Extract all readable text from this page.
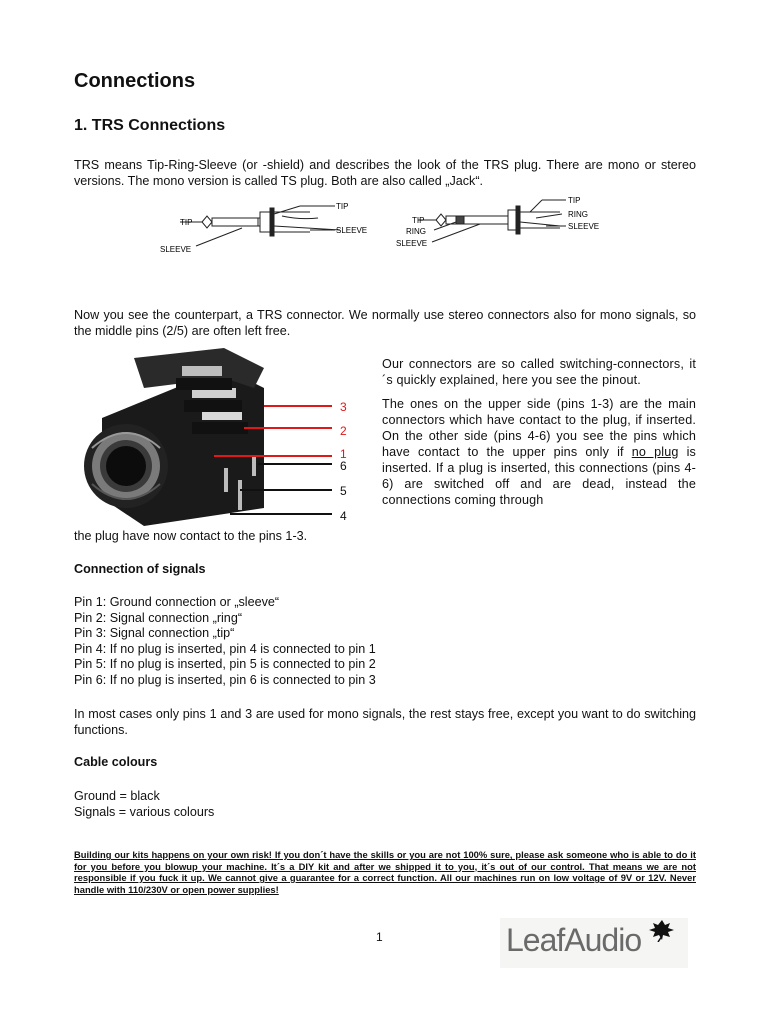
Connections
1. TRS Connections
TRS means Tip-Ring-Sleeve (or -shield) and describes the look of the TRS plug. There are mono or stereo versions. The mono version is called TS plug. Both are also called „Jack“.
TIP
TIP
SLEEVE
SLEEVE
TIP
RING
SLEEVE
TIP
RING
SLEEVE
Now you see the counterpart, a TRS connector. We normally use stereo connectors also for mono signals, so the middle pins (2/5) are often left free.
3
2
1
6
5
4

Our connectors are so called switching-connectors, it´s quickly explained, here you see the pinout.

The ones on the upper side (pins 1-3) are the main connectors which have contact to the plug, if inserted. On the other side (pins 4-6) you see the pins which have contact to the upper pins only if no plug is inserted. If a plug is inserted, this connections (pins 4-6) are switched off and are dead, instead the connections coming through

the plug have now contact to the pins 1-3.
Connection of signals
Pin 1: Ground connection or „sleeve“
Pin 2: Signal connection „ring“
Pin 3: Signal connection „tip“
Pin 4: If no plug is inserted, pin 4 is connected to pin 1
Pin 5: If no plug is inserted, pin 5 is connected to pin 2
Pin 6: If no plug is inserted, pin 6 is connected to pin 3
In most cases only pins 1 and 3 are used for mono signals, the rest stays free, except you want to do switching functions.
Cable colours
Ground = black
Signals = various colours
Building our kits happens on your own risk! If you don´t have the skills or you are not 100% sure, please ask someone who is able to do it for you before you blowup your machine. It´s a DIY kit and after we shipped it to you, it´s out of our control. That means we are not responsible if you fuck it up. We cannot give a guarantee for a correct function. All our machines run on low voltage of 9V or 12V. Never handle with 110/230V or open power supplies!
1	LeafAudio
